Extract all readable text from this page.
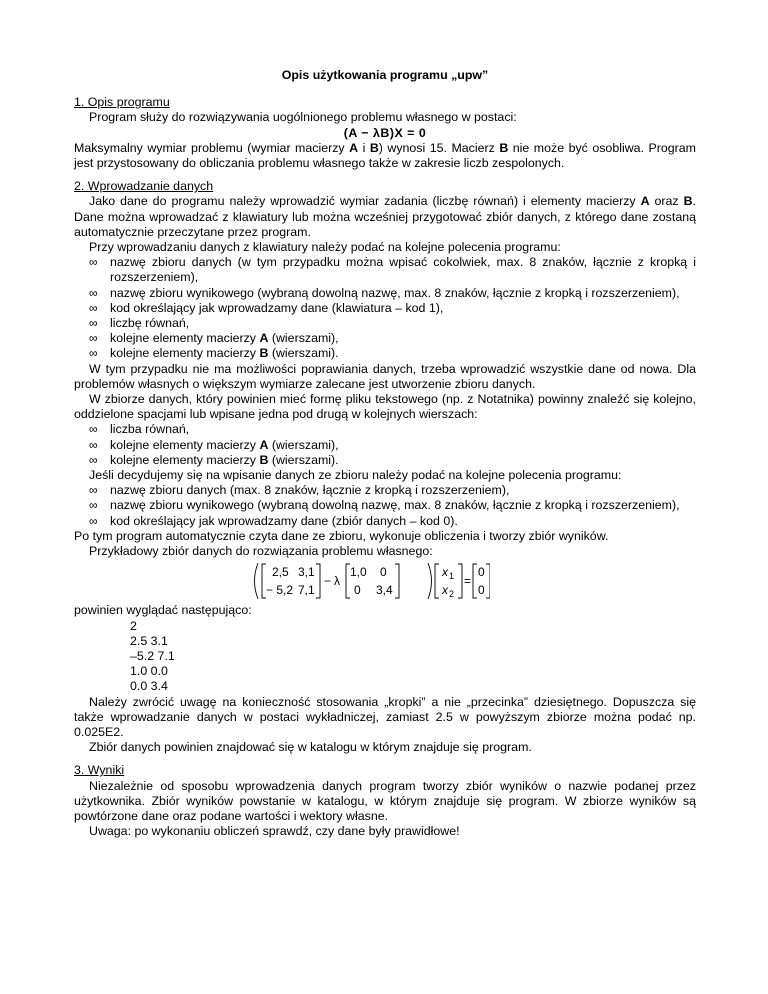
Opis użytkowania programu „upw”

1. Opis programu

Program służy do rozwiązywania uogólnionego problemu własnego w postaci:

(A − λB)X = 0

Maksymalny wymiar problemu (wymiar macierzy A i B) wynosi 15. Macierz B nie może być osobliwa. Program jest przystosowany do obliczania problemu własnego także w zakresie liczb zespolonych.

2. Wprowadzanie danych

Jako dane do programu należy wprowadzić wymiar zadania (liczbę równań) i elementy macierzy A oraz B. Dane można wprowadzać z klawiatury lub można wcześniej przygotować zbiór danych, z którego dane zostaną automatycznie przeczytane przez program.

Przy wprowadzaniu danych z klawiatury należy podać na kolejne polecenia programu:

∞ nazwę zbioru danych (w tym przypadku można wpisać cokolwiek, max. 8 znaków, łącznie z kropką i rozszerzeniem),
∞ nazwę zbioru wynikowego (wybraną dowolną nazwę, max. 8 znaków, łącznie z kropką i rozszerzeniem),
∞ kod określający jak wprowadzamy dane (klawiatura – kod 1),
∞ liczbę równań,
∞ kolejne elementy macierzy A (wierszami),
∞ kolejne elementy macierzy B (wierszami).

W tym przypadku nie ma możliwości poprawiania danych, trzeba wprowadzić wszystkie dane od nowa. Dla problemów własnych o większym wymiarze zalecane jest utworzenie zbioru danych.

W zbiorze danych, który powinien mieć formę pliku tekstowego (np. z Notatnika) powinny znaleźć się kolejno, oddzielone spacjami lub wpisane jedna pod drugą w kolejnych wierszach:

∞ liczba równań,
∞ kolejne elementy macierzy A (wierszami),
∞ kolejne elementy macierzy B (wierszami).

Jeśli decydujemy się na wpisanie danych ze zbioru należy podać na kolejne polecenia programu:

∞ nazwę zbioru danych (max. 8 znaków, łącznie z kropką i rozszerzeniem),
∞ nazwę zbioru wynikowego (wybraną dowolną nazwę, max. 8 znaków, łącznie z kropką i rozszerzeniem),
∞ kod określający jak wprowadzamy dane (zbiór danych – kod 0).

Po tym program automatycznie czyta dane ze zbioru, wykonuje obliczenia i tworzy zbiór wyników.

Przykładowy zbiór danych do rozwiązania problemu własnego:

2,5 3,1
− 5,2 7,1
− λ
1,0 0
0 3,4
x 1
x 2
=
0
0

powinien wyglądać następująco:

2

2.5 3.1

–5.2 7.1

1.0 0.0

0.0 3.4

Należy zwrócić uwagę na konieczność stosowania „kropki” a nie „przecinka” dziesiętnego. Dopuszcza się także wprowadzanie danych w postaci wykładniczej, zamiast 2.5 w powyższym zbiorze można podać np. 0.025E2.

Zbiór danych powinien znajdować się w katalogu w którym znajduje się program.

3. Wyniki

Niezależnie od sposobu wprowadzenia danych program tworzy zbiór wyników o nazwie podanej przez użytkownika. Zbiór wyników powstanie w katalogu, w którym znajduje się program. W zbiorze wyników są powtórzone dane oraz podane wartości i wektory własne.

Uwaga: po wykonaniu obliczeń sprawdź, czy dane były prawidłowe!
